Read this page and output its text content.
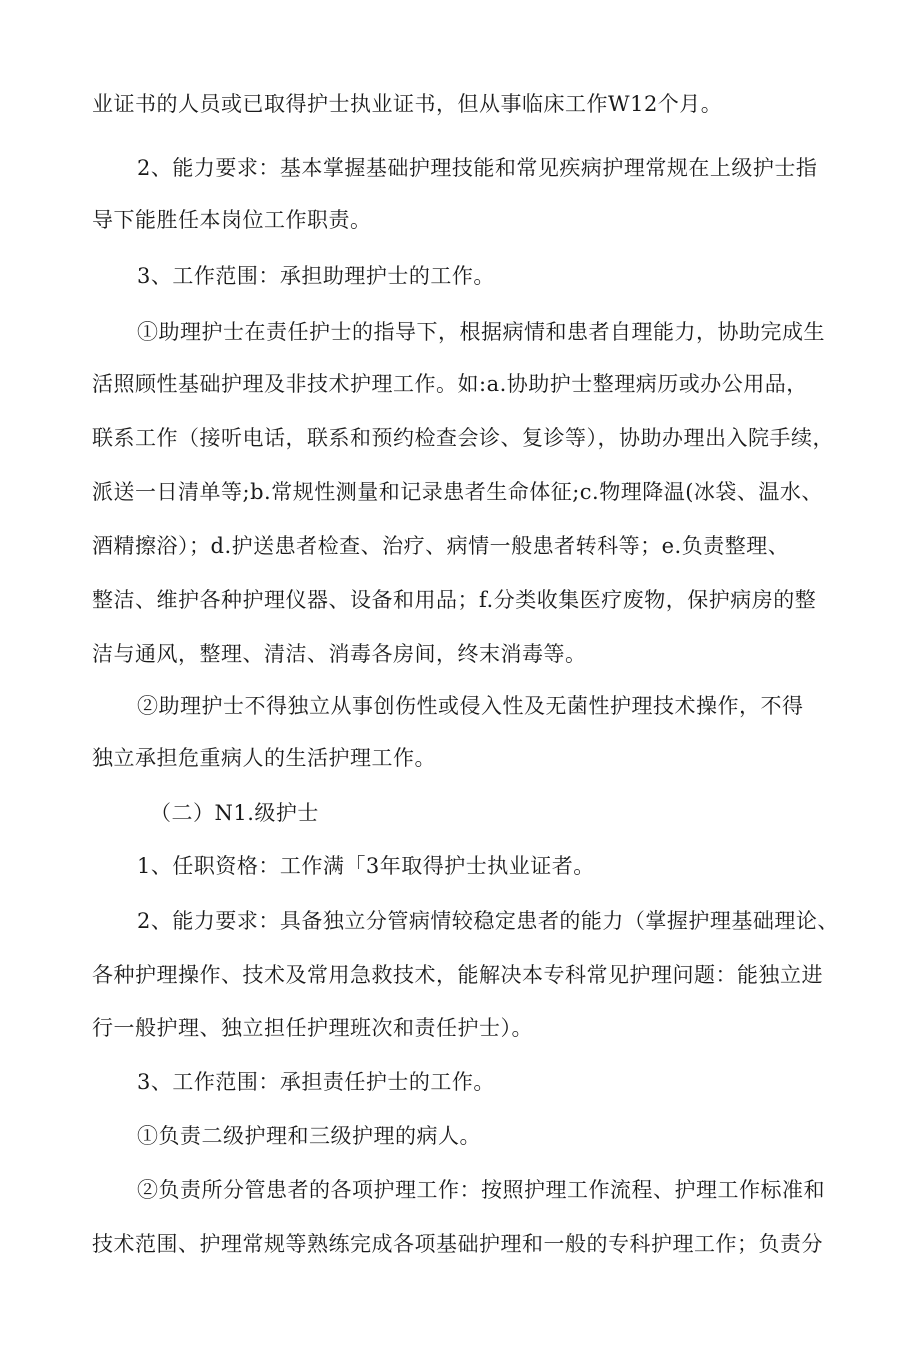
业证书的人员或已取得护士执业证书，但从事临床工作W12个月。
2、能力要求：基本掌握基础护理技能和常见疾病护理常规在上级护士指
导下能胜任本岗位工作职责。
3、工作范围：承担助理护士的工作。
①助理护士在责任护士的指导下，根据病情和患者自理能力，协助完成生
活照顾性基础护理及非技术护理工作。如:a.协助护士整理病历或办公用品，
联系工作（接听电话，联系和预约检查会诊、复诊等），协助办理出入院手续，
派送一日清单等;b.常规性测量和记录患者生命体征;c.物理降温(冰袋、温水、
酒精擦浴）；d.护送患者检查、治疗、病情一般患者转科等；e.负责整理、
整洁、维护各种护理仪器、设备和用品；f.分类收集医疗废物，保护病房的整
洁与通风，整理、清洁、消毒各房间，终末消毒等。
②助理护士不得独立从事创伤性或侵入性及无菌性护理技术操作，不得
独立承担危重病人的生活护理工作。
（二）N1.级护士
1、任职资格：工作满「3年取得护士执业证者。
2、能力要求：具备独立分管病情较稳定患者的能力（掌握护理基础理论、
各种护理操作、技术及常用急救技术，能解决本专科常见护理问题：能独立进
行一般护理、独立担任护理班次和责任护士）。
3、工作范围：承担责任护士的工作。
①负责二级护理和三级护理的病人。
②负责所分管患者的各项护理工作：按照护理工作流程、护理工作标准和
技术范围、护理常规等熟练完成各项基础护理和一般的专科护理工作；负责分
